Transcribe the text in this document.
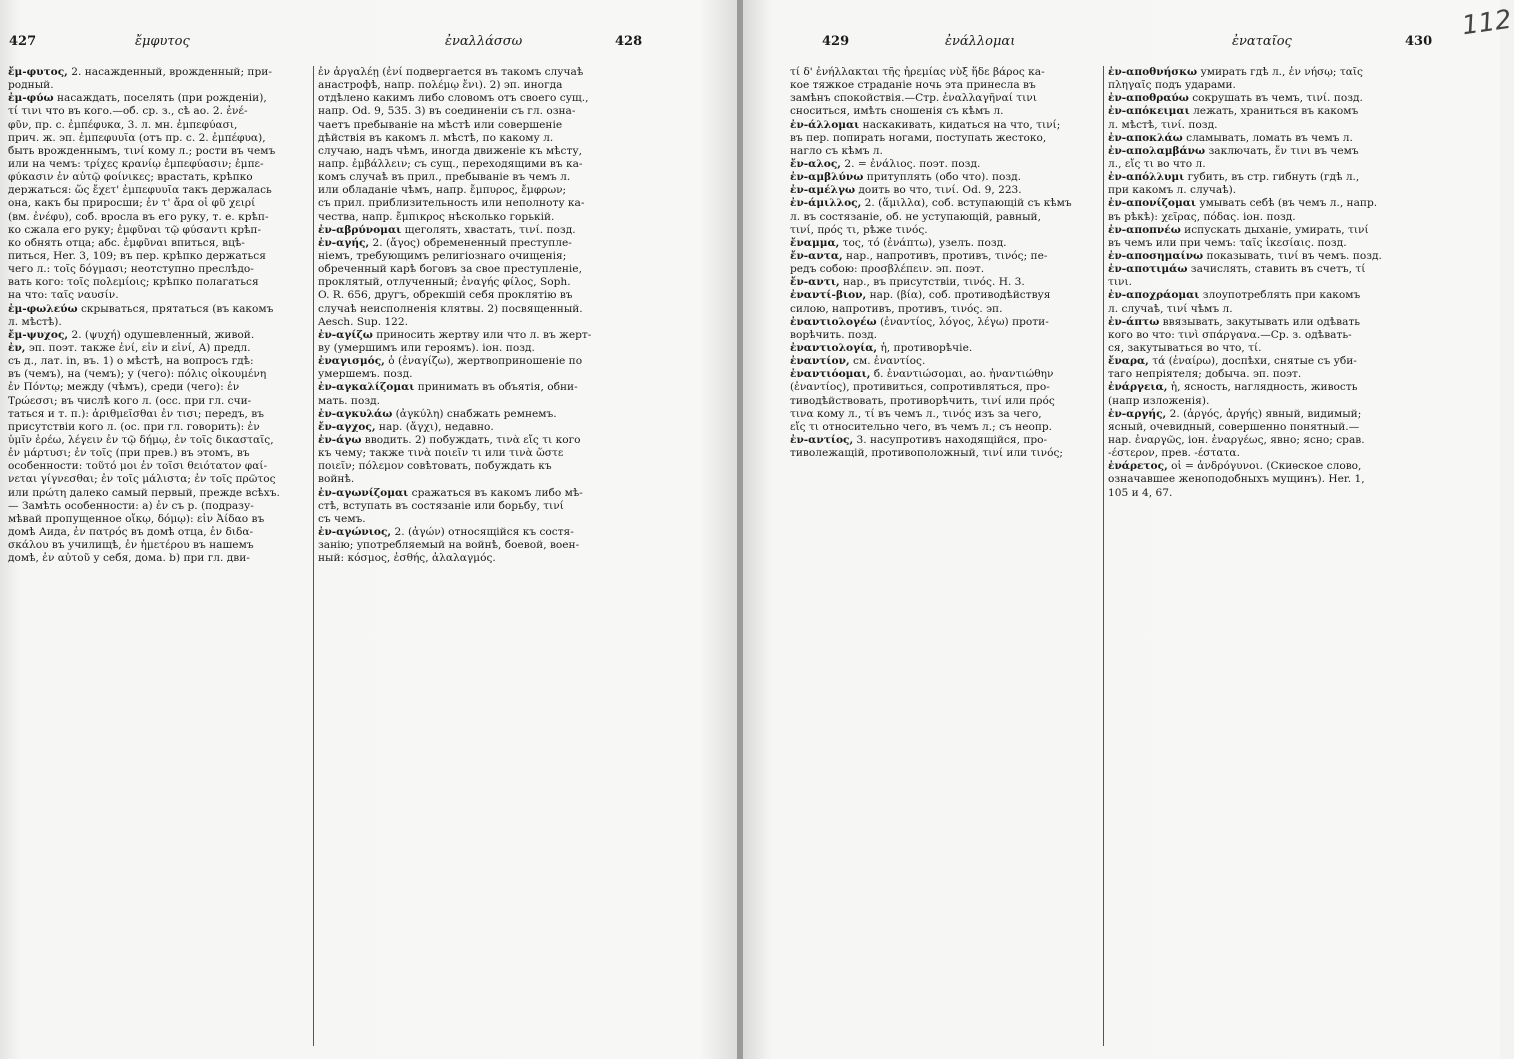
427	ἔμφυτος	ἐναλλάσσω	428	429	ἐνάλλομαι	ἐναταῖος	430
112
ἔμ-φυτος, 2. насажденный, врожденный; при-
родный.
ἐμ-φύω насаждать, поселять (при рожденіи),
τί τινι что въ кого.—об. ср. з., сѣ ао. 2. ἐνέ-
φῦν, пр. с. ἐμπέφυκα, 3. л. мн. ἐμπεφύασι,
прич. ж. эп. ἐμπεφυυῖα (отъ пр. с. 2. ἐμπέφυα),
быть врожденнымъ, τινί кому л.; рости въ чемъ
или на чемъ: τρίχες κρανίῳ ἐμπεφύασιν; ἐμπε-
φύκασιν ἐν αὐτῷ φοίνικες; врастать, крѣпко
держаться: ὥς ἔχετ' ἐμπεφυυῖα такъ держалась
она, какъ бы приросши; ἐν τ' ἄρα οἱ φῦ χειρί
(вм. ἐνέφυ), соб. вросла въ его руку, т. е. крѣп-
ко сжала его руку; ἐμφῦναι τῷ φύσαντι крѣп-
ко обнять отца; абс. ἐμφῦναι впиться, вцѣ-
питься, Her. 3, 109; въ пер. крѣпко держаться
чего л.: τοῖς δόγμασι; неотступно преслѣдо-
вать кого: τοῖς πολεμίοις; крѣпко полагаться
на что: ταῖς ναυσίν.
ἐμ-φωλεύω скрываться, прятаться (въ какомъ
л. мѣстѣ).
ἔμ-ψυχος, 2. (ψυχή) одушевленный, живой.
ἐν, эп. поэт. также ἐνί, εἰν и εἰνί, A) предл.
съ д., лат. in, въ. 1) о мѣстѣ, на вопросъ гдѣ:
въ (чемъ), на (чемъ); у (чего): πόλις οἰκουμένη
ἐν Πόντῳ; между (чѣмъ), среди (чего): ἐν
Τρώεσσι; въ числѣ кого л. (осс. при гл. счи-
таться и т. п.): ἀριθμεῖσθαι ἐν τισι; передъ, въ
присутствіи кого л. (ос. при гл. говорить): ἐν
ὑμῖν ἐρέω, λέγειν ἐν τῷ δήμῳ, ἐν τοῖς δικασταῖς,
ἐν μάρτυσι; ἐν τοῖς (при прев.) въ этомъ, въ
особенности: τοῦτό μοι ἐν τοῖσι θειότατον φαί-
νεται γίγνεσθαι; ἐν τοῖς μάλιστα; ἐν τοῖς πρῶτος
или πρώτη далеко самый первый, прежде всѣхъ.
— Замѣть особенности: а) ἐν съ р. (подразу-
мѣвай пропущенное οἴκῳ, δόμῳ): εἰν Ἀίδαο въ
домѣ Аида, ἐν πατρός въ домѣ отца, ἐν διδα-
σκάλου въ училищѣ, ἐν ἡμετέρου въ нашемъ
домѣ, ἐν αὐτοῦ у себя, дома. b) при гл. дви-
ἐν ἀργαλέῃ (ἐνί подвергается въ такомъ случаѣ
анастрофѣ, напр. πολέμῳ ἔνι). 2) эп. иногда
отдѣлено какимъ либо словомъ отъ своего сущ.,
напр. Od. 9, 535. 3) въ соединеніи съ гл. озна-
чаетъ пребываніе на мѣстѣ или совершеніе
дѣйствія въ какомъ л. мѣстѣ, по какому л.
случаю, надъ чѣмъ, иногда движеніе къ мѣсту,
напр. ἐμβάλλειν; съ сущ., переходящими въ ка-
комъ случаѣ въ прил., пребываніе въ чемъ л.
или обладаніе чѣмъ, напр. ἔμπυρος, ἔμφρων;
съ прил. приблизительность или неполноту ка-
чества, напр. ἔμπικρος нѣсколько горькій.
ἐν-αβρύνομαι щеголять, хвастать, τινί. позд.
ἐν-αγής, 2. (ἄγος) обремененный преступле-
ніемъ, требующимъ религіознаго очищенія;
обреченный карѣ боговъ за свое преступленіе,
проклятый, отлученный; ἐναγής φίλος, Soph.
O. R. 656, другъ, обрекшій себя проклятію въ
случаѣ неисполненія клятвы. 2) посвященный.
Aesch. Sup. 122.
ἐν-αγίζω приносить жертву или что л. въ жерт-
ву (умершимъ или героямъ). іон. позд.
ἐναγισμός, ὁ (ἐναγίζω), жертвоприношеніе по
умершемъ. позд.
ἐν-αγκαλίζομαι принимать въ объятія, обни-
мать. позд.
ἐν-αγκυλάω (ἀγκύλη) снабжать ремнемъ.
ἔν-αγχος, нар. (ἄγχι), недавно.
ἐν-άγω вводить. 2) побуждать, τινὰ εἴς τι кого
къ чему; также τινὰ ποιεῖν τι или τινὰ ὥστε
ποιεῖν; πόλεμον совѣтовать, побуждать къ
войнѣ.
ἐν-αγωνίζομαι сражаться въ какомъ либо мѣ-
стѣ, вступать въ состязаніе или борьбу, τινί
съ чемъ.
ἐν-αγώνιος, 2. (ἀγών) относящійся къ состя-
занію; употребляемый на войнѣ, боевой, воен-
ный: κόσμος, ἐσθής, ἀλαλαγμός.
τί δ' ἐνήλλακται τῆς ἠρεμίας νὺξ ἥδε βάρος ка-
кое тяжкое страданіе ночь эта принесла въ
замѣнъ спокойствія.—Стр. ἐναλλαγῆναί τινι
сноситься, имѣть сношенія съ кѣмъ л.
ἐν-άλλομαι наскакивать, кидаться на что, τινί;
въ пер. попирать ногами, поступать жестоко,
нагло съ кѣмъ л.
ἔν-αλος, 2. = ἐνάλιος. поэт. позд.
ἐν-αμβλύνω притуплять (обо что). позд.
ἐν-αμέλγω доить во что, τινί. Od. 9, 223.
ἐν-άμιλλος, 2. (ἅμιλλα), соб. вступающій съ кѣмъ
л. въ состязаніе, об. не уступающій, равный,
τινί, πρός τι, рѣже τινός.
ἔναμμα, τος, τό (ἐνάπτω), узелъ. позд.
ἔν-αντα, нар., напротивъ, противъ, τινός; пе-
редъ собою: προσβλέπειν. эп. поэт.
ἔν-αντι, нар., въ присутствіи, τινός. H. 3.
ἐναντί-βιον, нар. (βία), соб. противодѣйствуя
силою, напротивъ, противъ, τινός. эп.
ἐναντιολογέω (ἐναντίος, λόγος, λέγω) проти-
ворѣчить. позд.
ἐναντιολογία, ἡ, противорѣчіе.
ἐναντίον, см. ἐναντίος.
ἐναντιόομαι, б. ἐναντιώσομαι, ао. ἠναντιώθην
(ἐναντίος), противиться, сопротивляться, про-
тиводѣйствовать, противорѣчить, τινί или πρός
τινα кому л., τί въ чемъ л., τινός изъ за чего,
εἴς τι относительно чего, въ чемъ л.; съ неопр.
ἐν-αντίος, 3. насупротивъ находящійся, про-
тиволежащій, противоположный, τινί или τινός;
ἐν-αποθνήσκω умирать гдѣ л., ἐν νήσῳ; ταῖς
πληγαῖς подъ ударами.
ἐν-αποθραύω сокрушать въ чемъ, τινί. позд.
ἐν-απόκειμαι лежать, храниться въ какомъ
л. мѣстѣ, τινί. позд.
ἐν-αποκλάω сламывать, ломать въ чемъ л.
ἐν-απολαμβάνω заключать, ἔν τινι въ чемъ
л., εἴς τι во что л.
ἐν-απόλλυμι губить, въ стр. гибнуть (гдѣ л.,
при какомъ л. случаѣ).
ἐν-απονίζομαι умывать себѣ (въ чемъ л., напр.
въ рѣкѣ): χεῖρας, πόδας. іон. позд.
ἐν-αποπνέω испускать дыханіе, умирать, τινί
въ чемъ или при чемъ: ταῖς ἱκεσίαις. позд.
ἐν-αποσημαίνω показывать, τινί въ чемъ. позд.
ἐν-αποτιμάω зачислять, ставить въ счетъ, τί
τινι.
ἐν-αποχράομαι злоупотреблять при какомъ
л. случаѣ, τινί чѣмъ л.
ἐν-άπτω ввязывать, закутывать или одѣвать
кого во что: τινὶ σπάργανα.—Ср. з. одѣвать-
ся, закутываться во что, τί.
ἔναρα, τά (ἐναίρω), доспѣхи, снятые съ уби-
таго непріятеля; добыча. эп. поэт.
ἐνάργεια, ἡ, ясность, наглядность, живость
(напр изложенія).
ἐν-αργής, 2. (ἀργός, ἀργής) явный, видимый;
ясный, очевидный, совершенно понятный.—
нар. ἐναργῶς, іон. ἐναργέως, явно; ясно; срав.
-έστερον, прев. -έστατα.
ἐνάρετος, οἱ = ἀνδρόγυνοι. (Скиѳское слово,
означавшее женоподобныхъ мущинъ). Her. 1,
105 и 4, 67.
